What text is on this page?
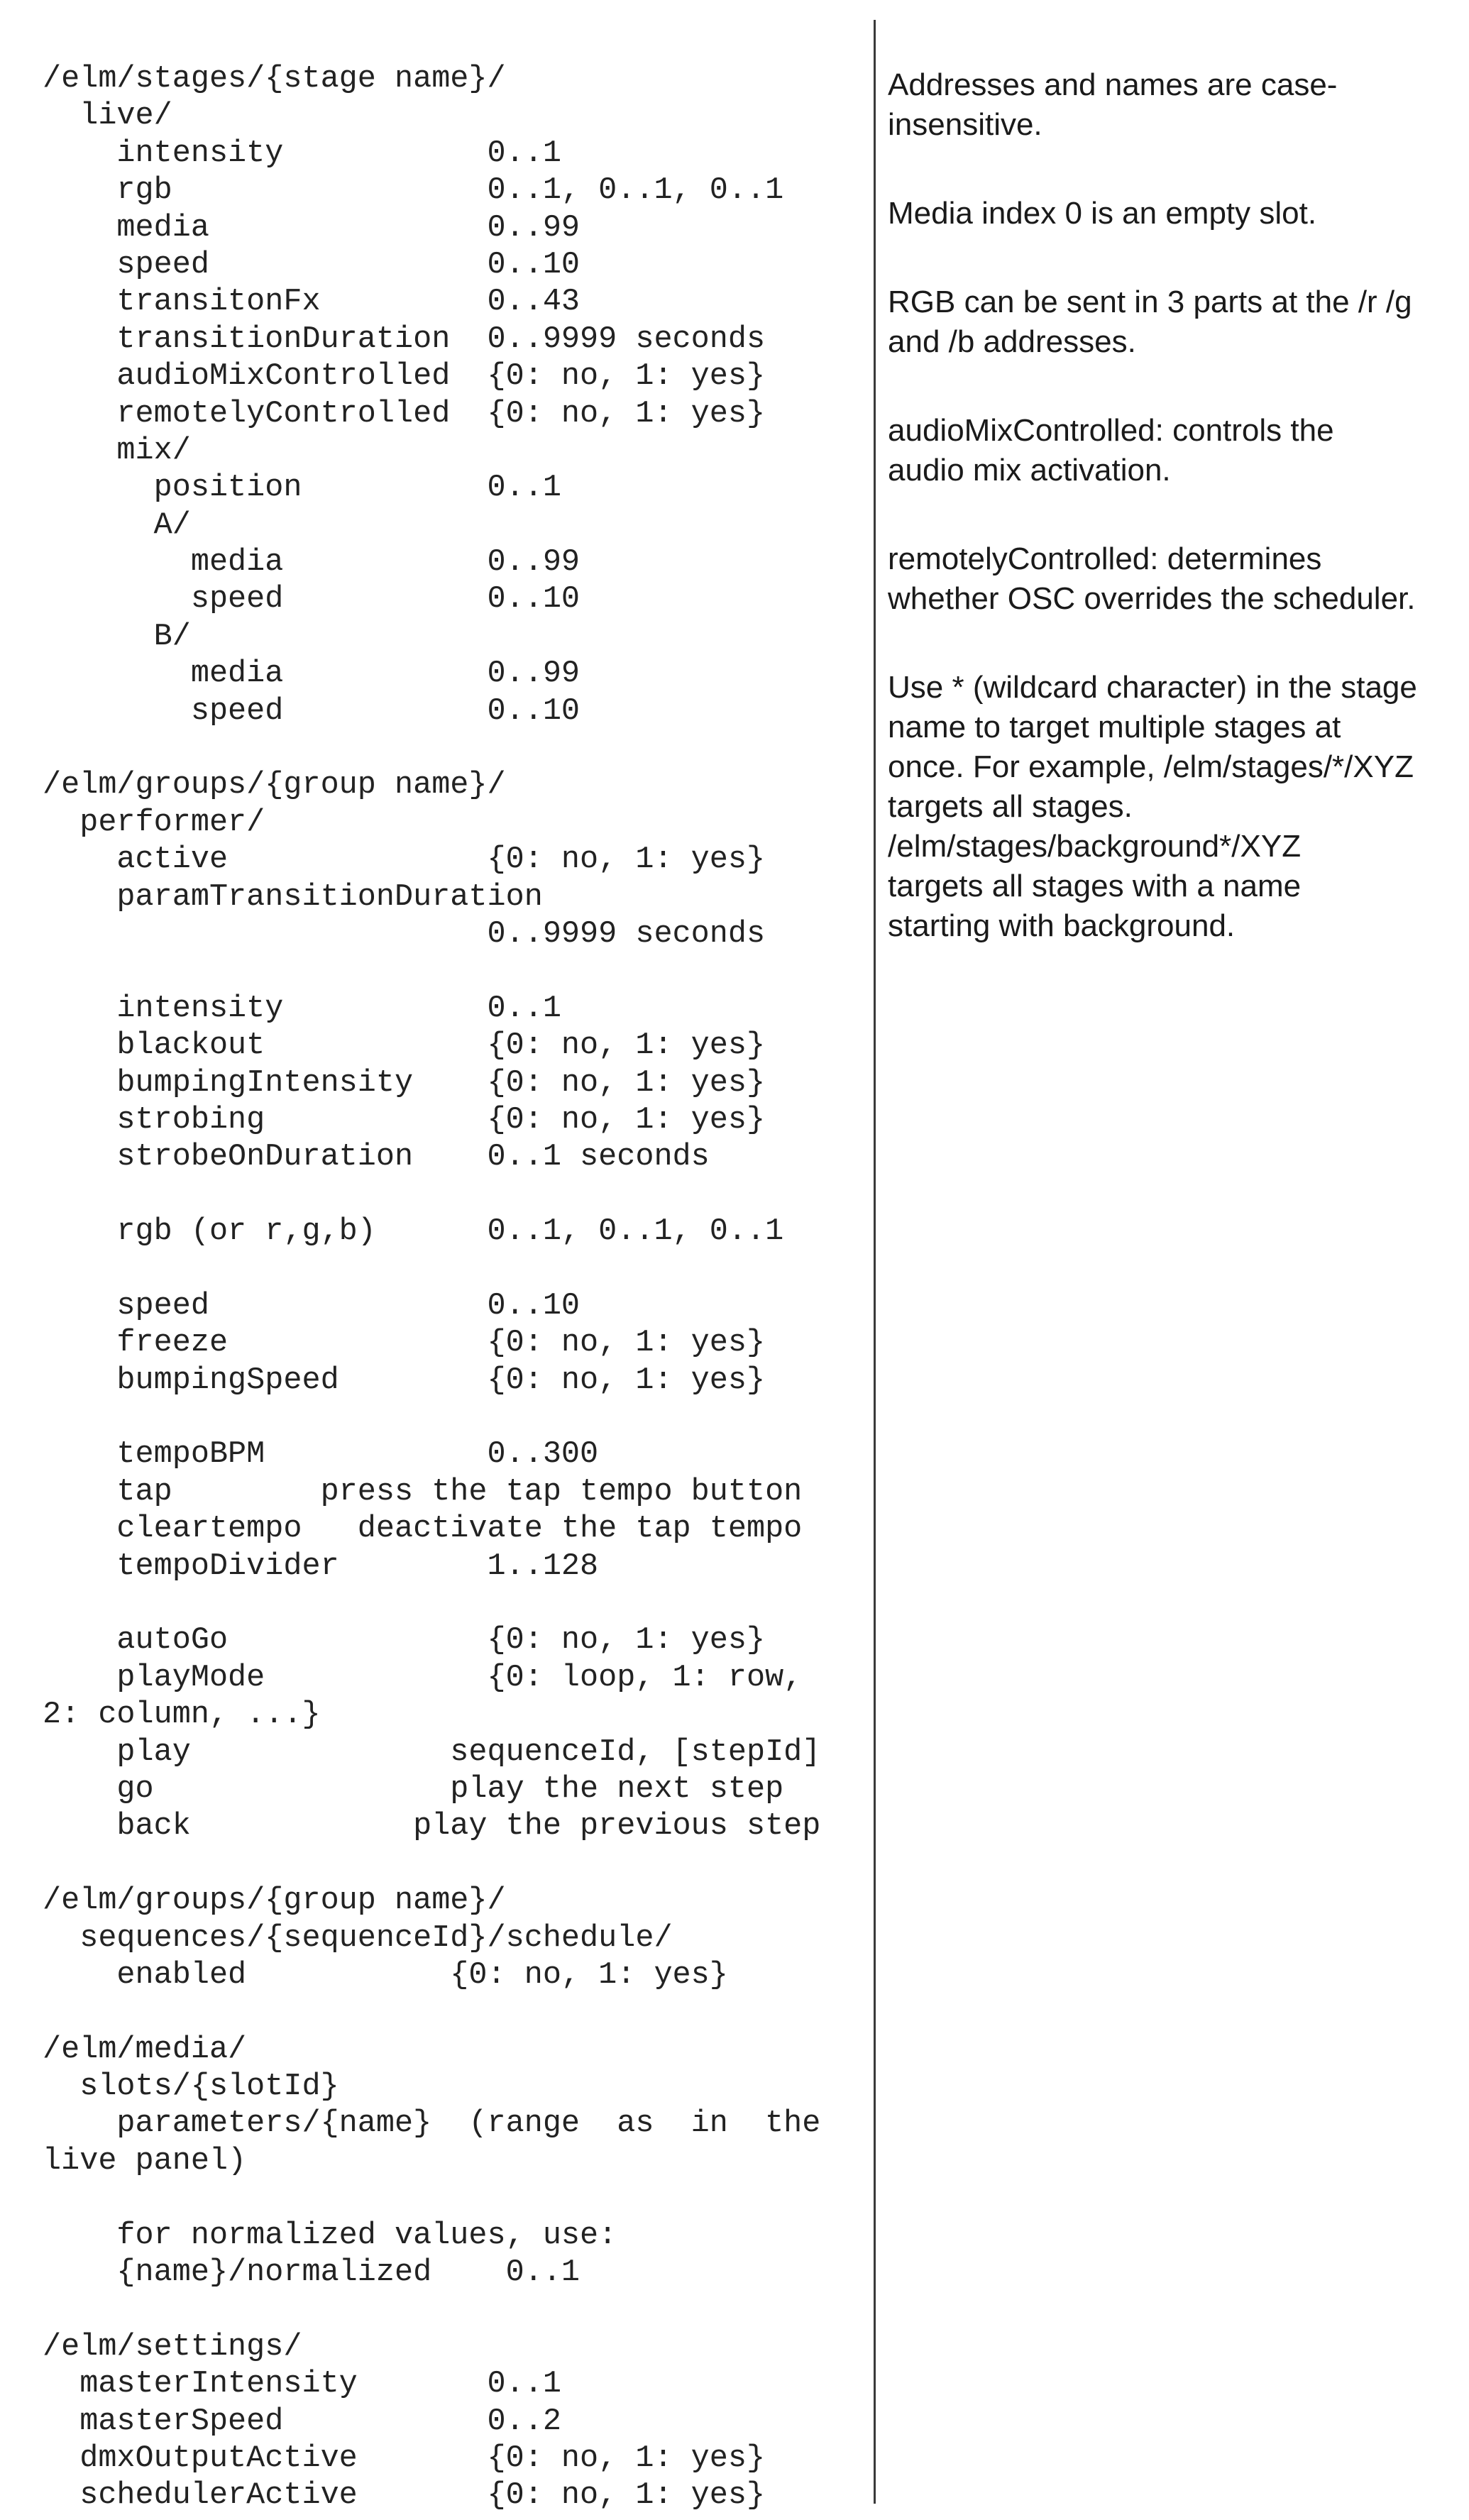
/elm/stages/{stage name}/
live/
intensity           0..1
rgb                 0..1, 0..1, 0..1
media               0..99
speed               0..10
transitonFx         0..43
transitionDuration  0..9999 seconds
audioMixControlled  {0: no, 1: yes}
remotelyControlled  {0: no, 1: yes}
mix/
position          0..1
A/
media           0..99
speed           0..10
B/
media           0..99
speed           0..10
/elm/groups/{group name}/
performer/
active              {0: no, 1: yes}
paramTransitionDuration
0..9999 seconds
intensity           0..1
blackout            {0: no, 1: yes}
bumpingIntensity    {0: no, 1: yes}
strobing            {0: no, 1: yes}
strobeOnDuration    0..1 seconds
rgb (or r,g,b)      0..1, 0..1, 0..1
speed               0..10
freeze              {0: no, 1: yes}
bumpingSpeed        {0: no, 1: yes}
tempoBPM            0..300
tap        press the tap tempo button
cleartempo   deactivate the tap tempo
tempoDivider        1..128
autoGo              {0: no, 1: yes}
playMode            {0: loop, 1: row,
2: column, ...}
play              sequenceId, [stepId]
go                play the next step
back            play the previous step
/elm/groups/{group name}/
sequences/{sequenceId}/schedule/
enabled           {0: no, 1: yes}
/elm/media/
slots/{slotId}
parameters/{name}  (range  as  in  the
live panel)
for normalized values, use:
{name}/normalized    0..1
/elm/settings/
masterIntensity       0..1
masterSpeed           0..2
dmxOutputActive       {0: no, 1: yes}
schedulerActive       {0: no, 1: yes}
Addresses and names are case-
insensitive.
Media index 0 is an empty slot.
RGB can be sent in 3 parts at the /r /g
and /b addresses.
audioMixControlled: controls the
audio mix activation.
remotelyControlled: determines
whether OSC overrides the scheduler.
Use * (wildcard character) in the stage
name to target multiple stages at
once. For example, /elm/stages/*/XYZ
targets all stages.
/elm/stages/background*/XYZ
targets all stages with a name
starting with background.
